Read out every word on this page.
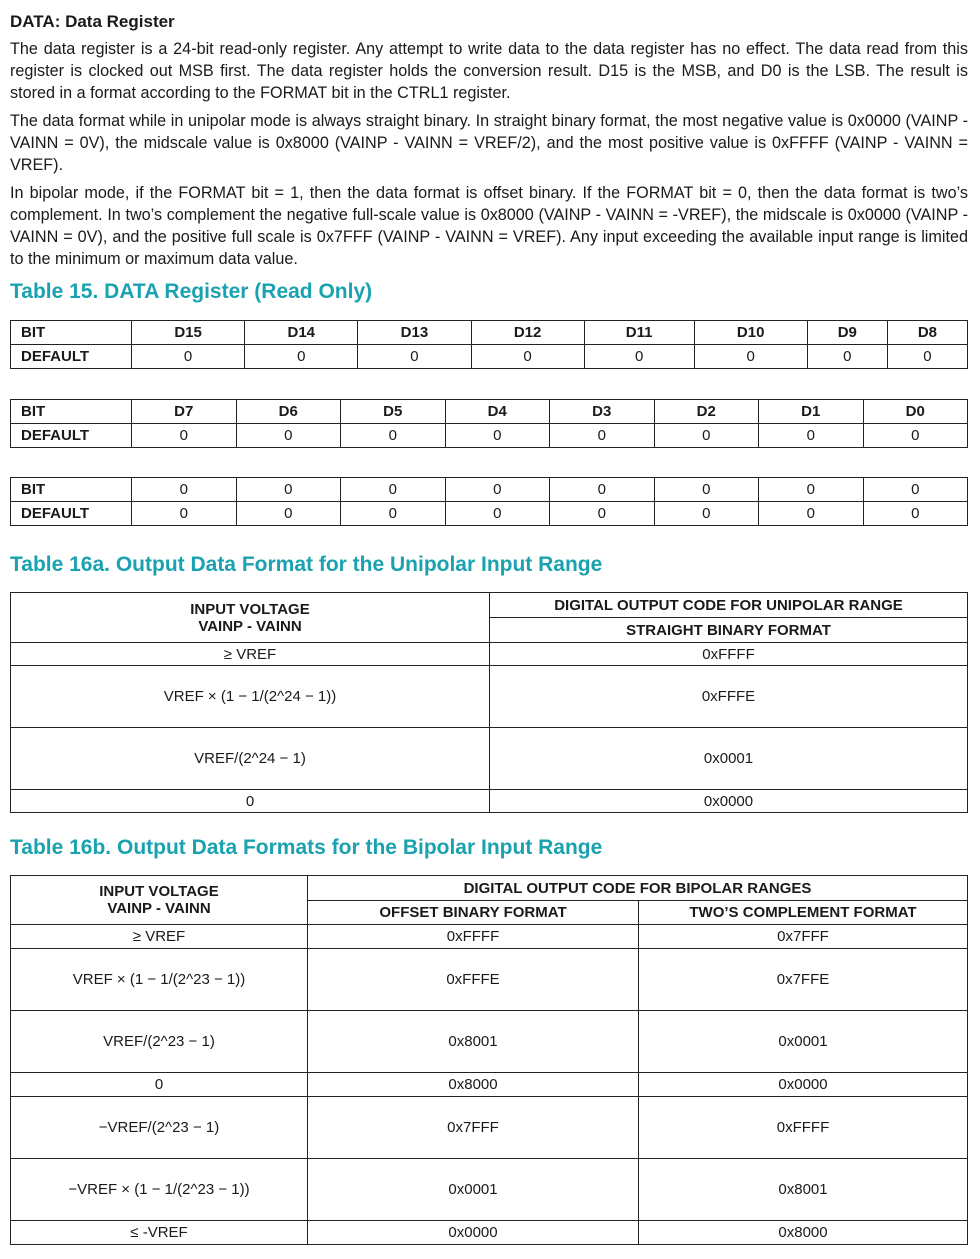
DATA: Data Register

The data register is a 24-bit read-only register. Any attempt to write data to the data register has no effect. The data read from this register is clocked out MSB first. The data register holds the conversion result. D15 is the MSB, and D0 is the LSB. The result is stored in a format according to the FORMAT bit in the CTRL1 register.

The data format while in unipolar mode is always straight binary. In straight binary format, the most negative value is 0x0000 (VAINP - VAINN = 0V), the midscale value is 0x8000 (VAINP - VAINN = VREF/2), and the most positive value is 0xFFFF (VAINP - VAINN = VREF).

In bipolar mode, if the FORMAT bit = 1, then the data format is offset binary. If the FORMAT bit = 0, then the data format is two’s complement. In two’s complement the negative full-scale value is 0x8000 (VAINP - VAINN = -VREF), the midscale is 0x0000 (VAINP - VAINN = 0V), and the positive full scale is 0x7FFF (VAINP - VAINN = VREF). Any input exceeding the available input range is limited to the minimum or maximum data value.

Table 15. DATA Register (Read Only)
BIT	D15	D14	D13	D12	D11	D10	D9	D8
DEFAULT	0	0	0	0	0	0	0	0
BIT	D7	D6	D5	D4	D3	D2	D1	D0
DEFAULT	0	0	0	0	0	0	0	0
BIT	0	0	0	0	0	0	0	0
DEFAULT	0	0	0	0	0	0	0	0
Table 16a. Output Data Format for the Unipolar Input Range
INPUT VOLTAGE
VAINP - VAINN	DIGITAL OUTPUT CODE FOR UNIPOLAR RANGE
	STRAIGHT BINARY FORMAT
≥ VREF	0xFFFF
VREF × (1 − 1/(2^24 − 1))	0xFFFE
VREF/(2^24 − 1)	0x0001
0	0x0000
Table 16b. Output Data Formats for the Bipolar Input Range
INPUT VOLTAGE
VAINP - VAINN	DIGITAL OUTPUT CODE FOR BIPOLAR RANGES	
	OFFSET BINARY FORMAT	TWO’S COMPLEMENT FORMAT
≥ VREF	0xFFFF	0x7FFF
VREF × (1 − 1/(2^23 − 1))	0xFFFE	0x7FFE
VREF/(2^23 − 1)	0x8001	0x0001
0	0x8000	0x0000
−VREF/(2^23 − 1)	0x7FFF	0xFFFF
−VREF × (1 − 1/(2^23 − 1))	0x0001	0x8001
≤ -VREF	0x0000	0x8000
